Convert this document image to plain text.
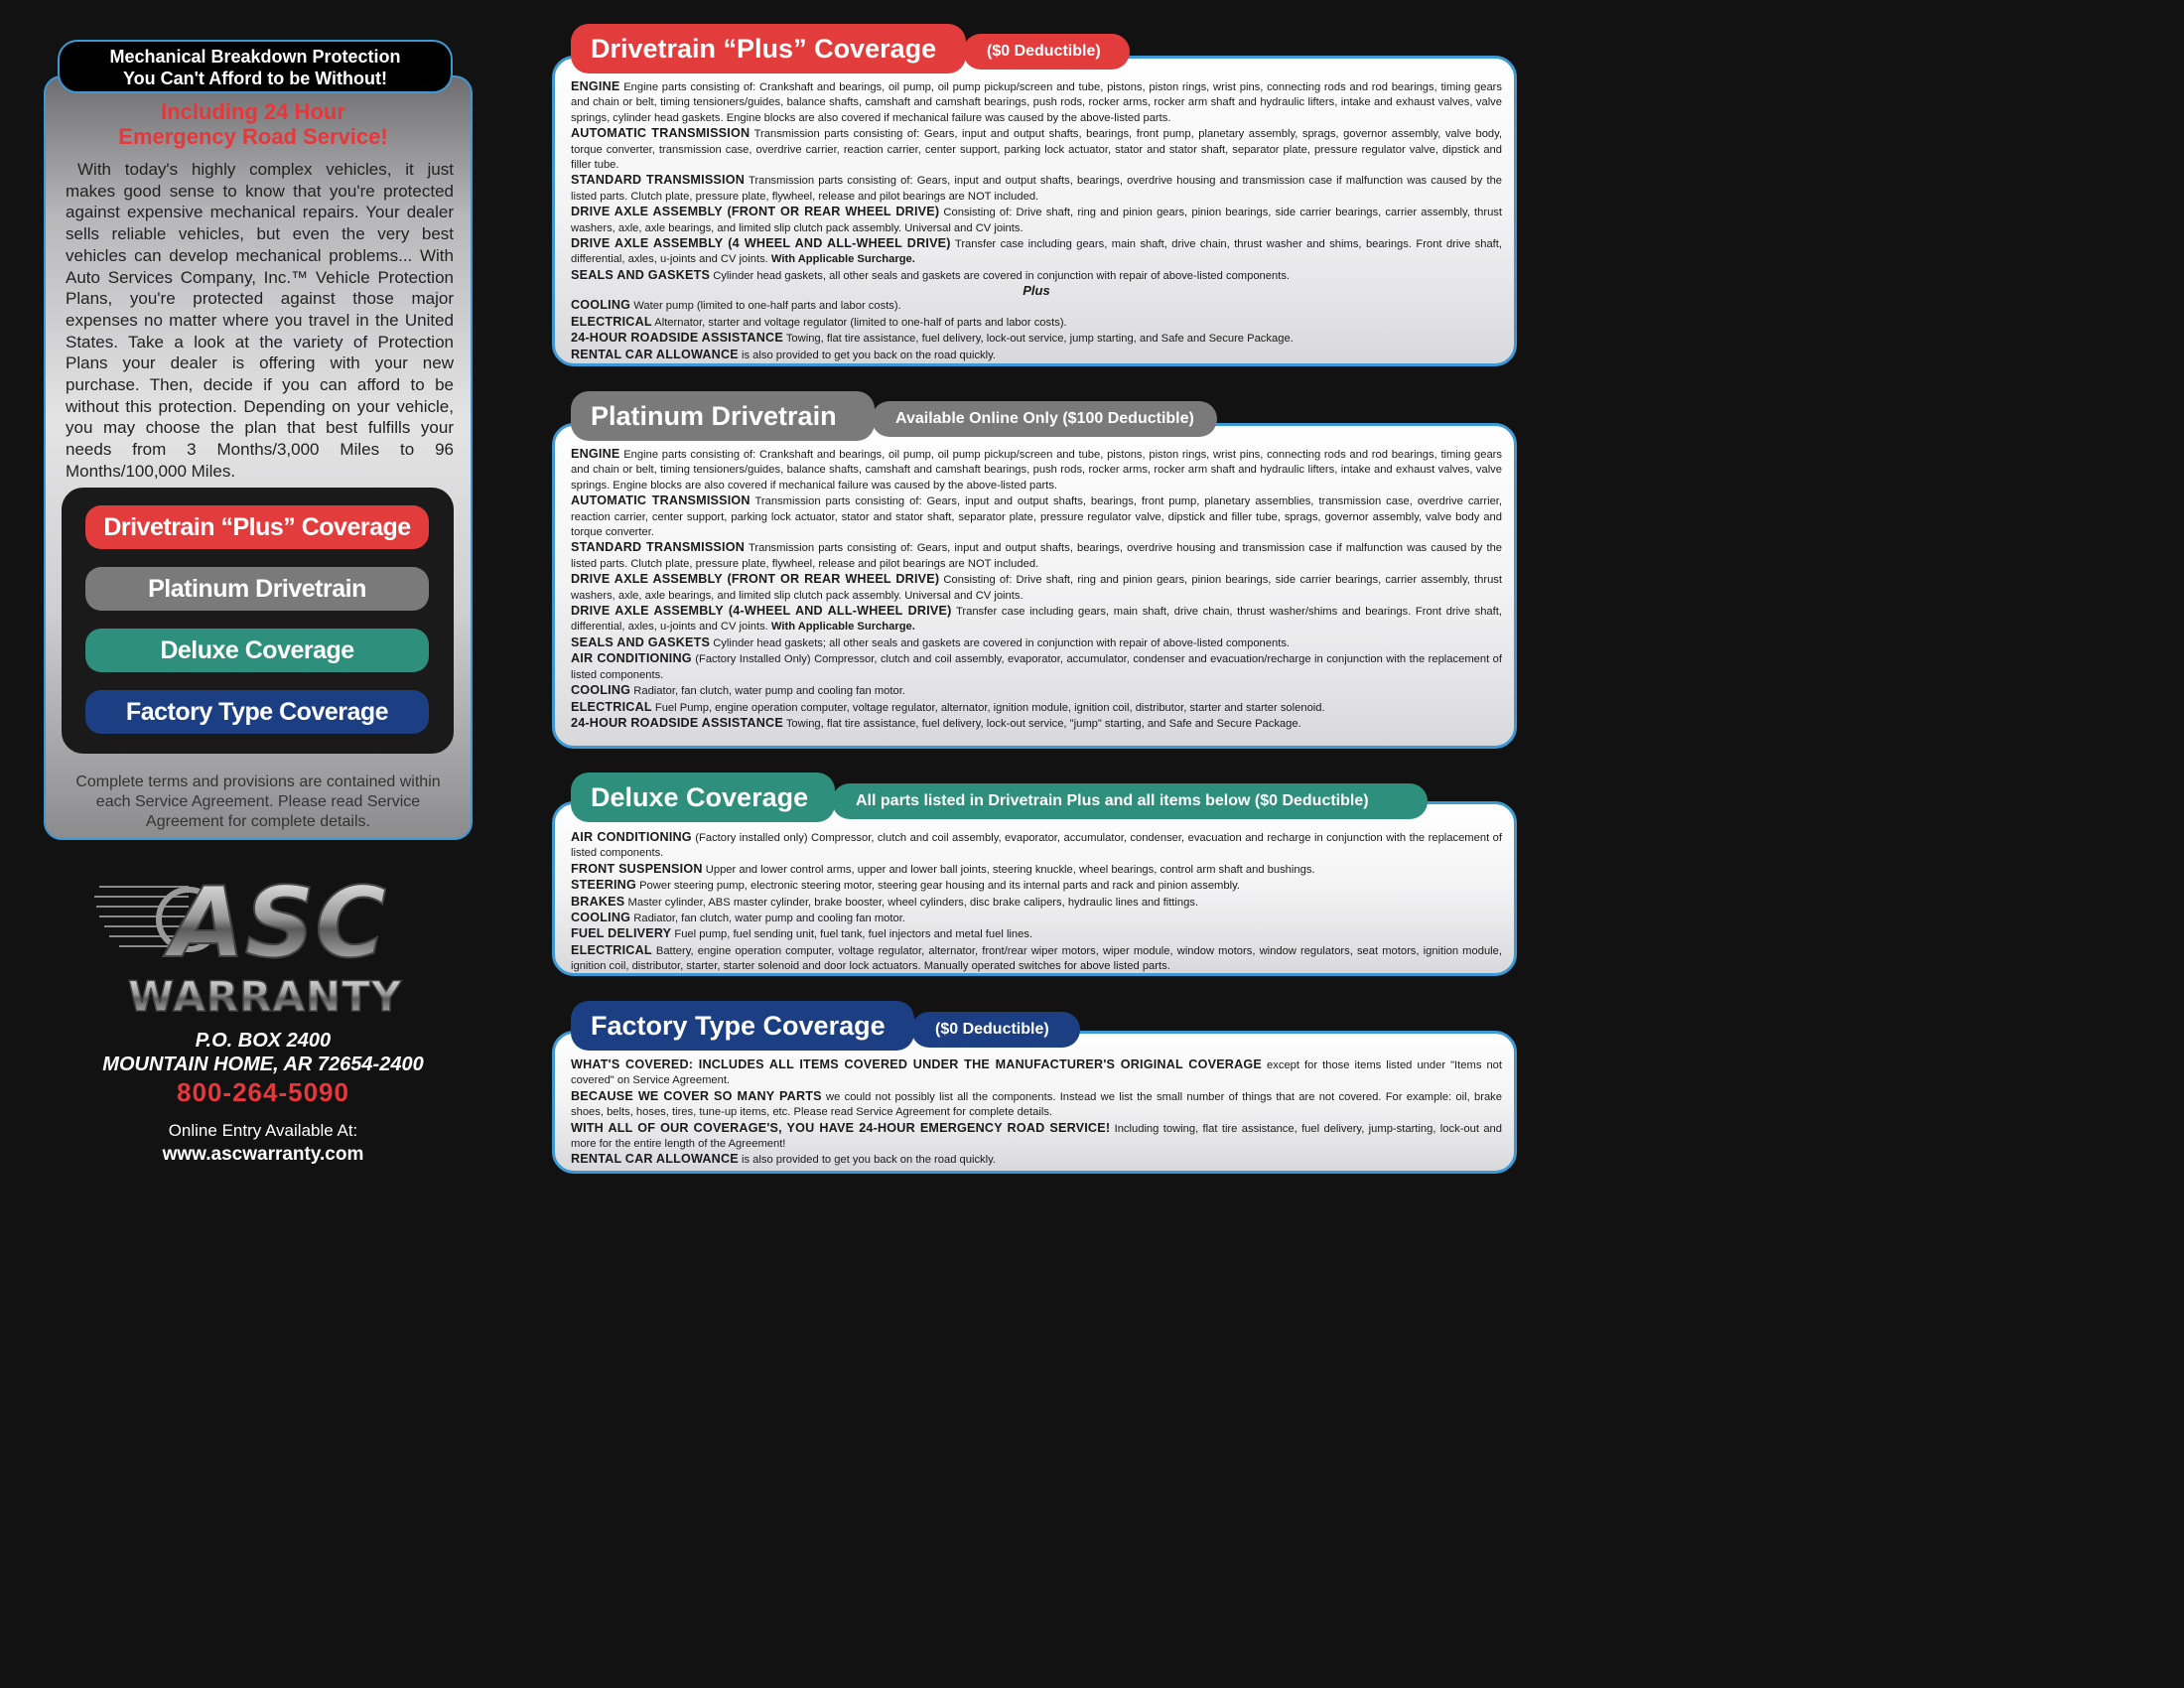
Mechanical Breakdown Protection
You Can't Afford to be Without!
Including 24 Hour
Emergency Road Service!
With today's highly complex vehicles, it just makes good sense to know that you're protected against expensive mechanical repairs. Your dealer sells reliable vehicles, but even the very best vehicles can develop mechanical problems... With Auto Services Company, Inc.™ Vehicle Protection Plans, you're protected against those major expenses no matter where you travel in the United States. Take a look at the variety of Protection Plans your dealer is offering with your new purchase. Then, decide if you can afford to be without this protection. Depending on your vehicle, you may choose the plan that best fulfills your needs from 3 Months/3,000 Miles to 96 Months/100,000 Miles.
Drivetrain “Plus” Coverage
Platinum Drivetrain
Deluxe Coverage
Factory Type Coverage
Complete terms and provisions are contained within each Service Agreement. Please read Service Agreement for complete details.
ASC
WARRANTY
P.O. BOX 2400
MOUNTAIN HOME, AR 72654-2400
800-264-5090
Online Entry Available At:
www.ascwarranty.com
Drivetrain “Plus” Coverage	($0 Deductible)

ENGINE Engine parts consisting of: Crankshaft and bearings, oil pump, oil pump pickup/screen and tube, pistons, piston rings, wrist pins, connecting rods and rod bearings, timing gears and chain or belt, timing tensioners/guides, balance shafts, camshaft and camshaft bearings, push rods, rocker arms, rocker arm shaft and hydraulic lifters, intake and exhaust valves, valve springs, cylinder head gaskets. Engine blocks are also covered if mechanical failure was caused by the above-listed parts.

AUTOMATIC TRANSMISSION Transmission parts consisting of: Gears, input and output shafts, bearings, front pump, planetary assembly, sprags, governor assembly, valve body, torque converter, transmission case, overdrive carrier, reaction carrier, center support, parking lock actuator, stator and stator shaft, separator plate, pressure regulator valve, dipstick and filler tube.

STANDARD TRANSMISSION Transmission parts consisting of: Gears, input and output shafts, bearings, overdrive housing and transmission case if malfunction was caused by the listed parts. Clutch plate, pressure plate, flywheel, release and pilot bearings are NOT included.

DRIVE AXLE ASSEMBLY (FRONT OR REAR WHEEL DRIVE) Consisting of: Drive shaft, ring and pinion gears, pinion bearings, side carrier bearings, carrier assembly, thrust washers, axle, axle bearings, and limited slip clutch pack assembly. Universal and CV joints.

DRIVE AXLE ASSEMBLY (4 WHEEL AND ALL-WHEEL DRIVE) Transfer case including gears, main shaft, drive chain, thrust washer and shims, bearings. Front drive shaft, differential, axles, u-joints and CV joints. With Applicable Surcharge.

SEALS AND GASKETS Cylinder head gaskets, all other seals and gaskets are covered in conjunction with repair of above-listed components.

Plus

COOLING Water pump (limited to one-half parts and labor costs).

ELECTRICAL Alternator, starter and voltage regulator (limited to one-half of parts and labor costs).

24-HOUR ROADSIDE ASSISTANCE Towing, flat tire assistance, fuel delivery, lock-out service, jump starting, and Safe and Secure Package.

RENTAL CAR ALLOWANCE is also provided to get you back on the road quickly.

Platinum Drivetrain	Available Online Only ($100 Deductible)

ENGINE Engine parts consisting of: Crankshaft and bearings, oil pump, oil pump pickup/screen and tube, pistons, piston rings, wrist pins, connecting rods and rod bearings, timing gears and chain or belt, timing tensioners/guides, balance shafts, camshaft and camshaft bearings, push rods, rocker arms, rocker arm shaft and hydraulic lifters, intake and exhaust valves, valve springs. Engine blocks are also covered if mechanical failure was caused by the above-listed parts.

AUTOMATIC TRANSMISSION Transmission parts consisting of: Gears, input and output shafts, bearings, front pump, planetary assemblies, transmission case, overdrive carrier, reaction carrier, center support, parking lock actuator, stator and stator shaft, separator plate, pressure regulator valve, dipstick and filler tube, sprags, governor assembly, valve body and torque converter.

STANDARD TRANSMISSION Transmission parts consisting of: Gears, input and output shafts, bearings, overdrive housing and transmission case if malfunction was caused by the listed parts. Clutch plate, pressure plate, flywheel, release and pilot bearings are NOT included.

DRIVE AXLE ASSEMBLY (FRONT OR REAR WHEEL DRIVE) Consisting of: Drive shaft, ring and pinion gears, pinion bearings, side carrier bearings, carrier assembly, thrust washers, axle, axle bearings, and limited slip clutch pack assembly. Universal and CV joints.

DRIVE AXLE ASSEMBLY (4-WHEEL AND ALL-WHEEL DRIVE) Transfer case including gears, main shaft, drive chain, thrust washer/shims and bearings. Front drive shaft, differential, axles, u-joints and CV joints. With Applicable Surcharge.

SEALS AND GASKETS Cylinder head gaskets; all other seals and gaskets are covered in conjunction with repair of above-listed components.

AIR CONDITIONING (Factory Installed Only) Compressor, clutch and coil assembly, evaporator, accumulator, condenser and evacuation/recharge in conjunction with the replacement of listed components.

COOLING Radiator, fan clutch, water pump and cooling fan motor.

ELECTRICAL Fuel Pump, engine operation computer, voltage regulator, alternator, ignition module, ignition coil, distributor, starter and starter solenoid.

24-HOUR ROADSIDE ASSISTANCE Towing, flat tire assistance, fuel delivery, lock-out service, "jump" starting, and Safe and Secure Package.

Deluxe Coverage	All parts listed in Drivetrain Plus and all items below ($0 Deductible)

AIR CONDITIONING (Factory installed only) Compressor, clutch and coil assembly, evaporator, accumulator, condenser, evacuation and recharge in conjunction with the replacement of listed components.

FRONT SUSPENSION Upper and lower control arms, upper and lower ball joints, steering knuckle, wheel bearings, control arm shaft and bushings.

STEERING Power steering pump, electronic steering motor, steering gear housing and its internal parts and rack and pinion assembly.

BRAKES Master cylinder, ABS master cylinder, brake booster, wheel cylinders, disc brake calipers, hydraulic lines and fittings.

COOLING Radiator, fan clutch, water pump and cooling fan motor.

FUEL DELIVERY Fuel pump, fuel sending unit, fuel tank, fuel injectors and metal fuel lines.

ELECTRICAL Battery, engine operation computer, voltage regulator, alternator, front/rear wiper motors, wiper module, window motors, window regulators, seat motors, ignition module, ignition coil, distributor, starter, starter solenoid and door lock actuators. Manually operated switches for above listed parts.

Factory Type Coverage	($0 Deductible)

WHAT'S COVERED: INCLUDES ALL ITEMS COVERED UNDER THE MANUFACTURER'S ORIGINAL COVERAGE except for those items listed under "Items not covered" on Service Agreement.

BECAUSE WE COVER SO MANY PARTS we could not possibly list all the components. Instead we list the small number of things that are not covered. For example: oil, brake shoes, belts, hoses, tires, tune-up items, etc. Please read Service Agreement for complete details.

WITH ALL OF OUR COVERAGE'S, YOU HAVE 24-HOUR EMERGENCY ROAD SERVICE! Including towing, flat tire assistance, fuel delivery, jump-starting, lock-out and more for the entire length of the Agreement!

RENTAL CAR ALLOWANCE is also provided to get you back on the road quickly.
